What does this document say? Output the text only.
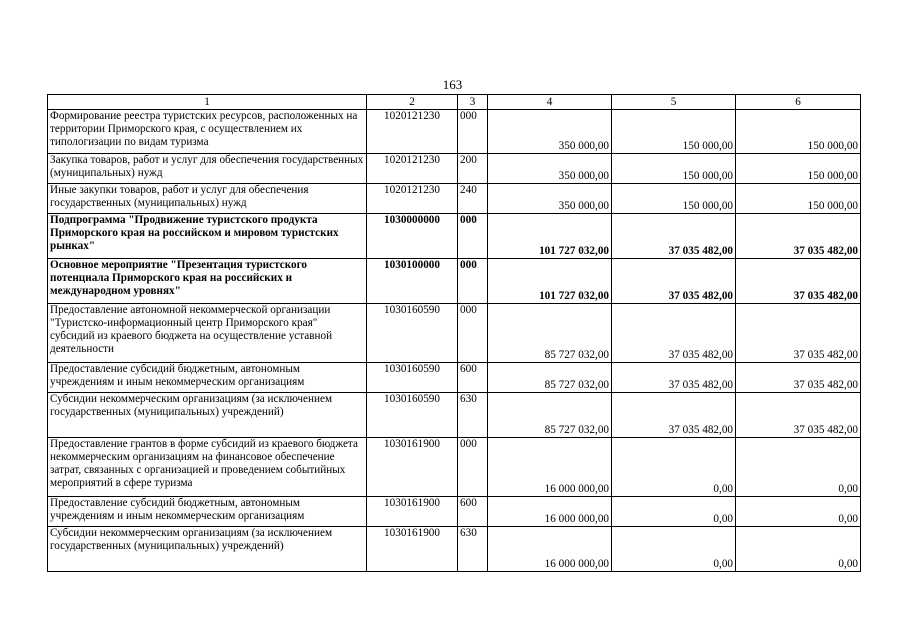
163
1	2	3	4	5	6
Формирование реестра туристских ресурсов, расположенных на территории Приморского края, с осуществлением их типологизации по видам туризма	1020121230	000	350 000,00	150 000,00	150 000,00
Закупка товаров, работ и услуг для обеспечения государственных (муниципальных) нужд	1020121230	200	350 000,00	150 000,00	150 000,00
Иные закупки товаров, работ и услуг для обеспечения государственных (муниципальных) нужд	1020121230	240	350 000,00	150 000,00	150 000,00
Подпрограмма "Продвижение туристского продукта Приморского края на российском и мировом туристских рынках"	1030000000	000	101 727 032,00	37 035 482,00	37 035 482,00
Основное мероприятие "Презентация туристского потенциала Приморского края на российских и международном уровнях"	1030100000	000	101 727 032,00	37 035 482,00	37 035 482,00
Предоставление автономной некоммерческой организации "Туристско-информационный центр Приморского края" субсидий из краевого бюджета на осуществление уставной деятельности	1030160590	000	85 727 032,00	37 035 482,00	37 035 482,00
Предоставление субсидий бюджетным, автономным учреждениям и иным некоммерческим организациям	1030160590	600	85 727 032,00	37 035 482,00	37 035 482,00
Субсидии некоммерческим организациям (за исключением государственных (муниципальных) учреждений)	1030160590	630	85 727 032,00	37 035 482,00	37 035 482,00
Предоставление грантов в форме субсидий из краевого бюджета некоммерческим организациям на финансовое обеспечение затрат, связанных с организацией и проведением событийных мероприятий в сфере туризма	1030161900	000	16 000 000,00	0,00	0,00
Предоставление субсидий бюджетным, автономным учреждениям и иным некоммерческим организациям	1030161900	600	16 000 000,00	0,00	0,00
Субсидии некоммерческим организациям (за исключением государственных (муниципальных) учреждений)	1030161900	630	16 000 000,00	0,00	0,00
